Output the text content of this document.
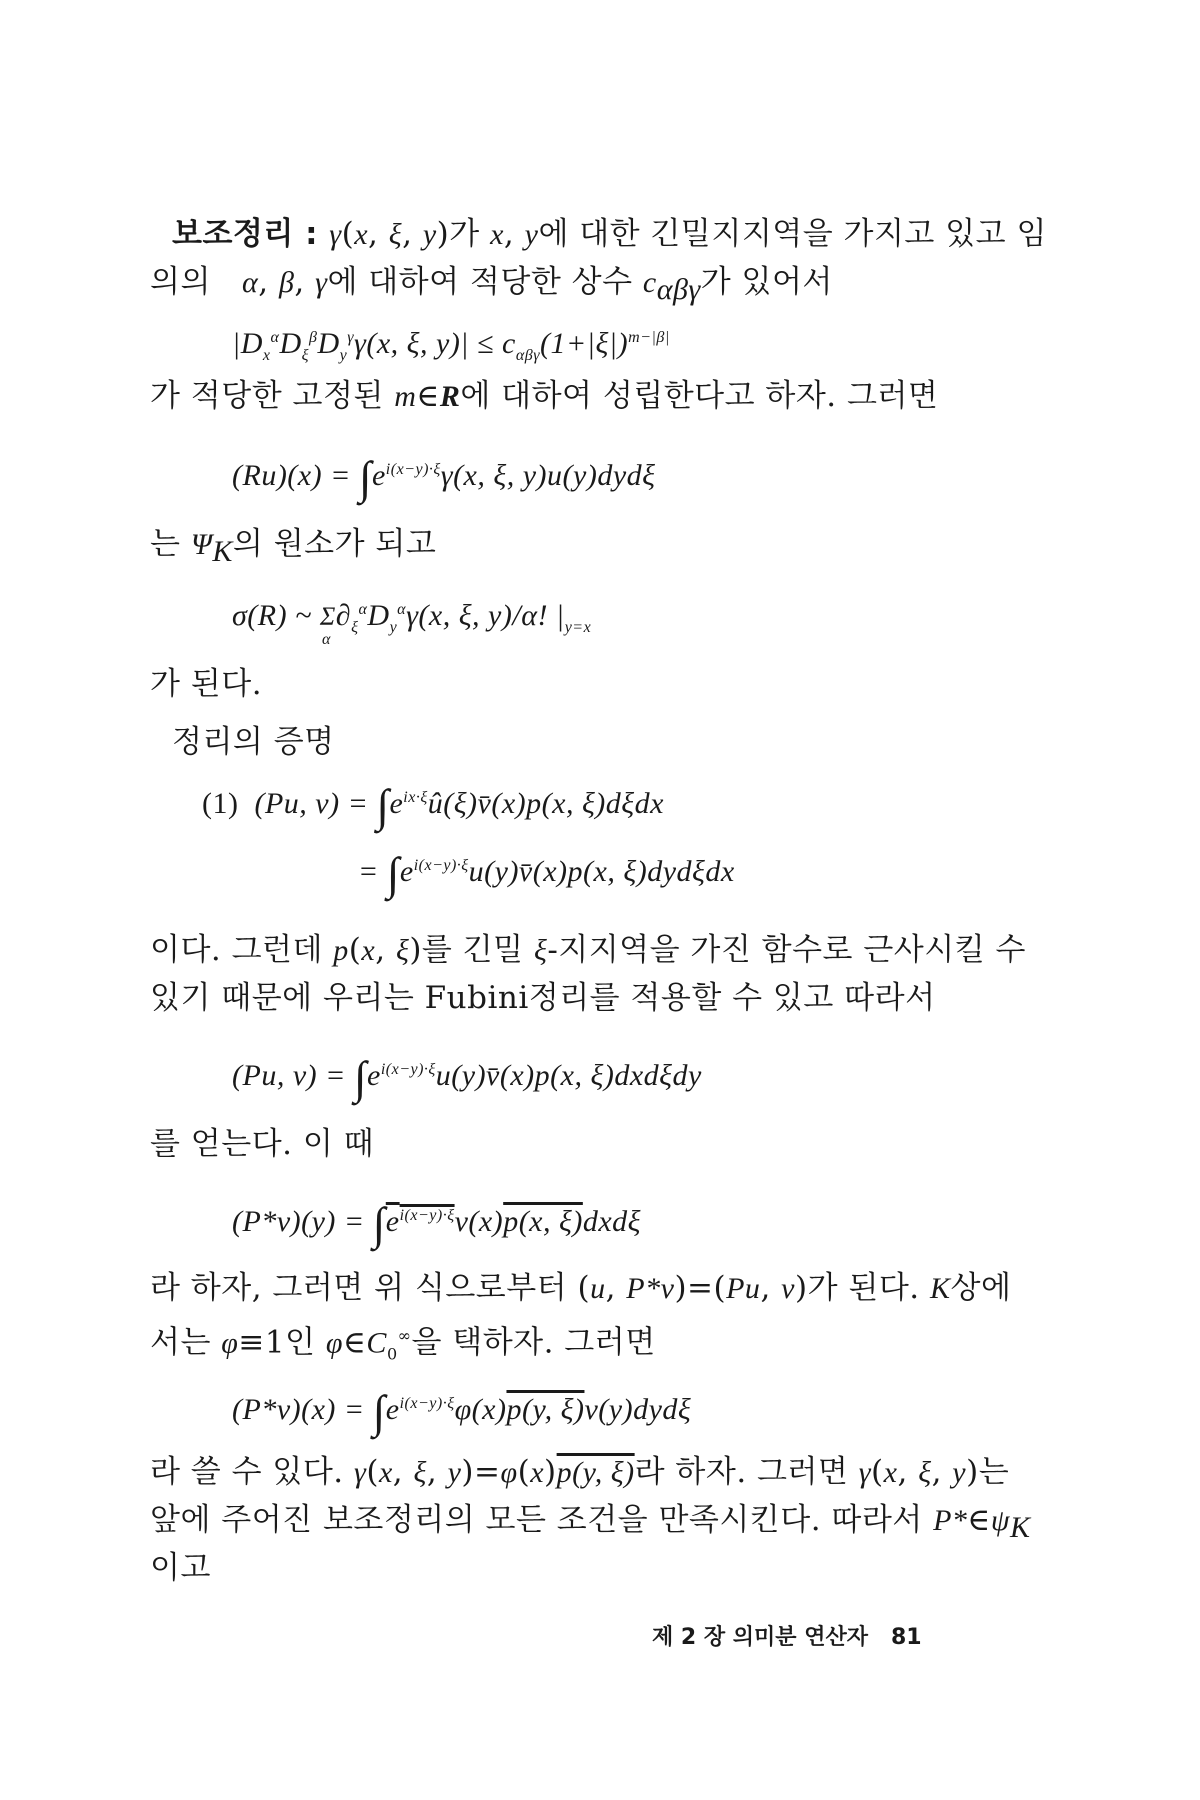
보조정리 : γ(x, ξ, y)가 x, y에 대한 긴밀지지역을 가지고 있고 임
의의   α, β, γ에 대하여 적당한 상수 $c_{\alpha\beta\gamma}$가 있어서
$|D_x^\alpha D_\xi^\beta D_y^\gamma\gamma(x$, ξ, $y)| \le c_{\alpha\beta\gamma}(1+|\xi|)^{m-|\beta|}$
가 적당한 고정된 m∈R에 대하여 성립한다고 하자. 그러면
$(Ru)(x) = \int e^{i(x-y)\cdot\xi}\gamma(x$, ξ, y)u(y)dydξ
는 $\Psi_K$의 원소가 되고
σ(R) ~ $\Sigma\partial_\xi^\alpha D_y^\alpha\gamma(x$, ξ, y)/α! $|_{y=x}$
α
가 된다.
정리의 증명
(1)  (Pu, $v) = \int e^{ix\cdot\xi}û(\xi)v̄(x)p(x$, ξ)dξdx
= $\int e^{i(x-y)\cdot\xi}u(y)v̄(x)p(x$, ξ)dydξdx
이다. 그런데 p(x, ξ)를 긴밀 ξ-지지역을 가진 함수로 근사시킬 수
있기 때문에 우리는 Fubini정리를 적용할 수 있고 따라서
(Pu, $v) = \int e^{i(x-y)\cdot\xi}u(y)v̄(x)p(x$, ξ)dxdξdy
를 얻는다. 이 때
$(P*v)(y) = \int e^{i(x-y)\cdot\xi}v(x)p(x$, ξ)dxdξ
라 하자, 그러면 위 식으로부터 (u, P*v)=(Pu, v)가 된다. K상에
서는 φ≡1인 $\varphi\in C_0^\infty$을 택하자. 그러면
$(P*v)(x) = \int e^{i(x-y)\cdot\xi}\varphi(x)p(y$, ξ)v(y)dydξ
라 쓸 수 있다. γ(x, ξ, y)=φ(x)p(y, ξ)라 하자. 그러면 γ(x, ξ, y)는
앞에 주어진 보조정리의 모든 조건을 만족시킨다. 따라서 $P*\in\psi_K$
이고
제 2 장 의미분 연산자 81
